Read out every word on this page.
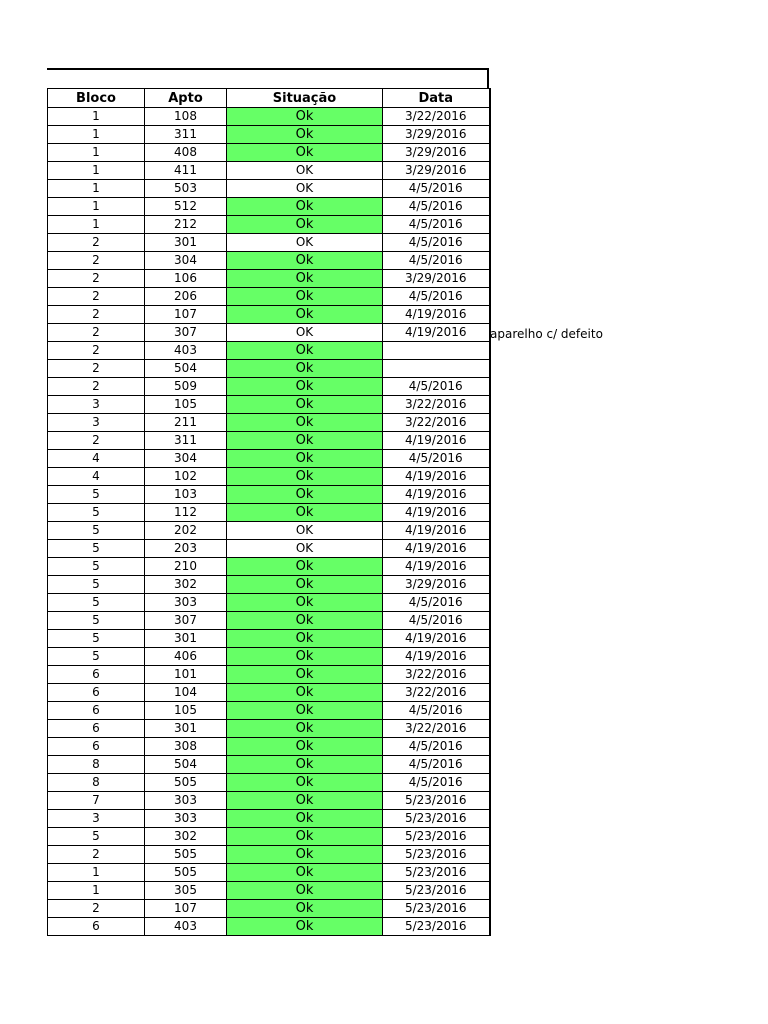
Bloco	Apto	Situação	Data
1	108	Ok	3/22/2016
1	311	Ok	3/29/2016
1	408	Ok	3/29/2016
1	411	OK	3/29/2016
1	503	OK	4/5/2016
1	512	Ok	4/5/2016
1	212	Ok	4/5/2016
2	301	OK	4/5/2016
2	304	Ok	4/5/2016
2	106	Ok	3/29/2016
2	206	Ok	4/5/2016
2	107	Ok	4/19/2016
2	307	OK	4/19/2016
2	403	Ok	
2	504	Ok	
2	509	Ok	4/5/2016
3	105	Ok	3/22/2016
3	211	Ok	3/22/2016
2	311	Ok	4/19/2016
4	304	Ok	4/5/2016
4	102	Ok	4/19/2016
5	103	Ok	4/19/2016
5	112	Ok	4/19/2016
5	202	OK	4/19/2016
5	203	OK	4/19/2016
5	210	Ok	4/19/2016
5	302	Ok	3/29/2016
5	303	Ok	4/5/2016
5	307	Ok	4/5/2016
5	301	Ok	4/19/2016
5	406	Ok	4/19/2016
6	101	Ok	3/22/2016
6	104	Ok	3/22/2016
6	105	Ok	4/5/2016
6	301	Ok	3/22/2016
6	308	Ok	4/5/2016
8	504	Ok	4/5/2016
8	505	Ok	4/5/2016
7	303	Ok	5/23/2016
3	303	Ok	5/23/2016
5	302	Ok	5/23/2016
2	505	Ok	5/23/2016
1	505	Ok	5/23/2016
1	305	Ok	5/23/2016
2	107	Ok	5/23/2016
6	403	Ok	5/23/2016
aparelho c/ defeito
